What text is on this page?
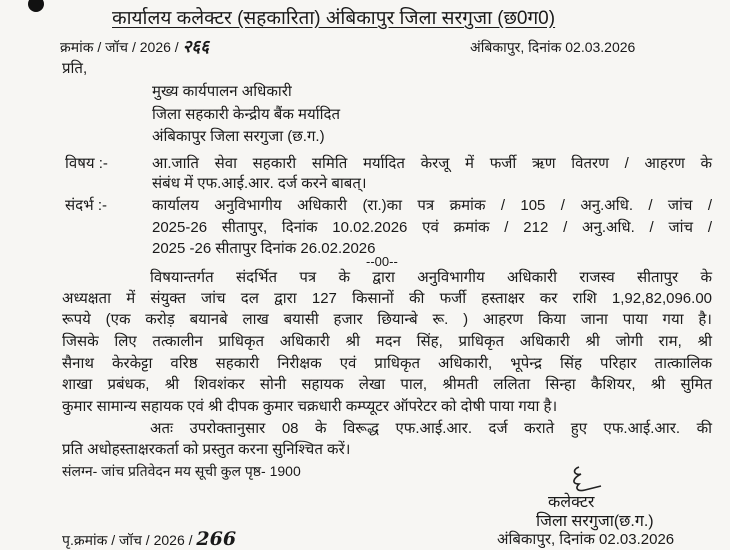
कार्यालय कलेक्टर (सहकारिता) अंबिकापुर जिला सरगुजा (छ0ग0)
क्रमांक / जॉच / 2026 / २६६	अंबिकापुर, दिनांक 02.03.2026
प्रति,
मुख्य कार्यपालन अधिकारी
जिला सहकारी केन्द्रीय बैंक मर्यादित
अंबिकापुर जिला सरगुजा (छ.ग.)
विषय :-	आ.जाति सेवा सहकारी समिति मर्यादित केरजू में फर्जी ऋण वितरण / आहरण के
संबंध में एफ.आई.आर. दर्ज करने बाबत्।
संदर्भ :-	कार्यालय अनुविभागीय अधिकारी (रा.)का पत्र क्रमांक / 105 / अनु.अधि. / जांच /
2025-26 सीतापुर, दिनांक 10.02.2026 एवं क्रमांक / 212 / अनु.अधि. / जांच /
2025 -26 सीतापुर दिनांक 26.02.2026
--00--
विषयान्तर्गत संदर्भित पत्र के द्वारा अनुविभागीय अधिकारी राजस्व सीतापुर के
अध्यक्षता में संयुक्त जांच दल द्वारा 127 किसानों की फर्जी हस्ताक्षर कर राशि 1,92,82,096.00
रूपये (एक करोड़ बयानबे लाख बयासी हजार छियान्बे रू. ) आहरण किया जाना पाया गया है।
जिसके लिए तत्कालीन प्राधिकृत अधिकारी श्री मदन सिंह, प्राधिकृत अधिकारी श्री जोगी राम, श्री
सैनाथ केरकेट्टा वरिष्ठ सहकारी निरीक्षक एवं प्राधिकृत अधिकारी, भूपेन्द्र सिंह परिहार तात्कालिक
शाखा प्रबंधक, श्री शिवशंकर सोनी सहायक लेखा पाल, श्रीमती ललिता सिन्हा कैशियर, श्री सुमित
कुमार सामान्य सहायक एवं श्री दीपक कुमार चक्रधारी कम्प्यूटर ऑपरेटर को दोषी पाया गया है।
अतः उपरोक्तानुसार 08 के विरूद्ध एफ.आई.आर. दर्ज कराते हुए एफ.आई.आर. की
प्रति अधोहस्ताक्षरकर्ता को प्रस्तुत करना सुनिश्चित करें।
संलग्न- जांच प्रतिवेदन मय सूची कुल पृष्ठ- 1900
कलेक्टर
जिला सरगुजा(छ.ग.)
अंबिकापुर, दिनांक 02.03.2026
पृ.क्रमांक / जॉच / 2026 / 266
